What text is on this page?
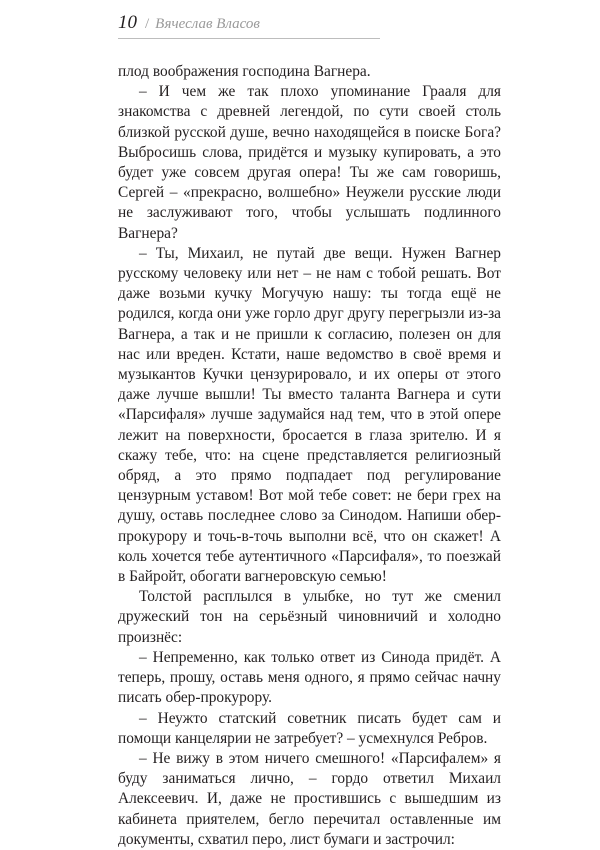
10 / Вячеслав Власов

плод воображения господина Вагнера.

– И чем же так плохо упоминание Грааля для знакомства с древней легендой, по сути своей столь близкой русской душе, вечно находящейся в поиске Бога? Выбросишь слова, придётся и музыку купировать, а это будет уже совсем другая опера! Ты же сам говоришь, Сергей – «прекрасно, волшебно» Неужели русские люди не заслуживают того, чтобы услышать подлинного Вагнера?

– Ты, Михаил, не путай две вещи. Нужен Вагнер русскому человеку или нет – не нам с тобой решать. Вот даже возьми кучку Могучую нашу: ты тогда ещё не родился, когда они уже горло друг другу перегрызли из-за Вагнера, а так и не пришли к согласию, полезен он для нас или вреден. Кстати, наше ведомство в своё время и музыкантов Кучки цензурировало, и их оперы от этого даже лучше вышли! Ты вместо таланта Вагнера и сути «Парсифаля» лучше задумайся над тем, что в этой опере лежит на поверхности, бросается в глаза зрителю. И я скажу тебе, что: на сцене представляется религиозный обряд, а это прямо подпадает под регулирование цензурным уставом! Вот мой тебе совет: не бери грех на душу, оставь последнее слово за Синодом. Напиши обер-прокурору и точь-в-точь выполни всё, что он скажет! А коль хочется тебе аутентичного «Парсифаля», то поезжай в Байройт, обогати вагнеровскую семью!

Толстой расплылся в улыбке, но тут же сменил дружеский тон на серьёзный чиновничий и холодно произнёс:

– Непременно, как только ответ из Синода придёт. А теперь, прошу, оставь меня одного, я прямо сейчас начну писать обер-прокурору.

– Неужто статский советник писать будет сам и помощи канцелярии не затребует? – усмехнулся Ребров.

– Не вижу в этом ничего смешного! «Парсифалем» я буду заниматься лично, – гордо ответил Михаил Алексеевич. И, даже не простившись с вышедшим из кабинета приятелем, бегло перечитал оставленные им документы, схватил перо, лист бумаги и застрочил:
